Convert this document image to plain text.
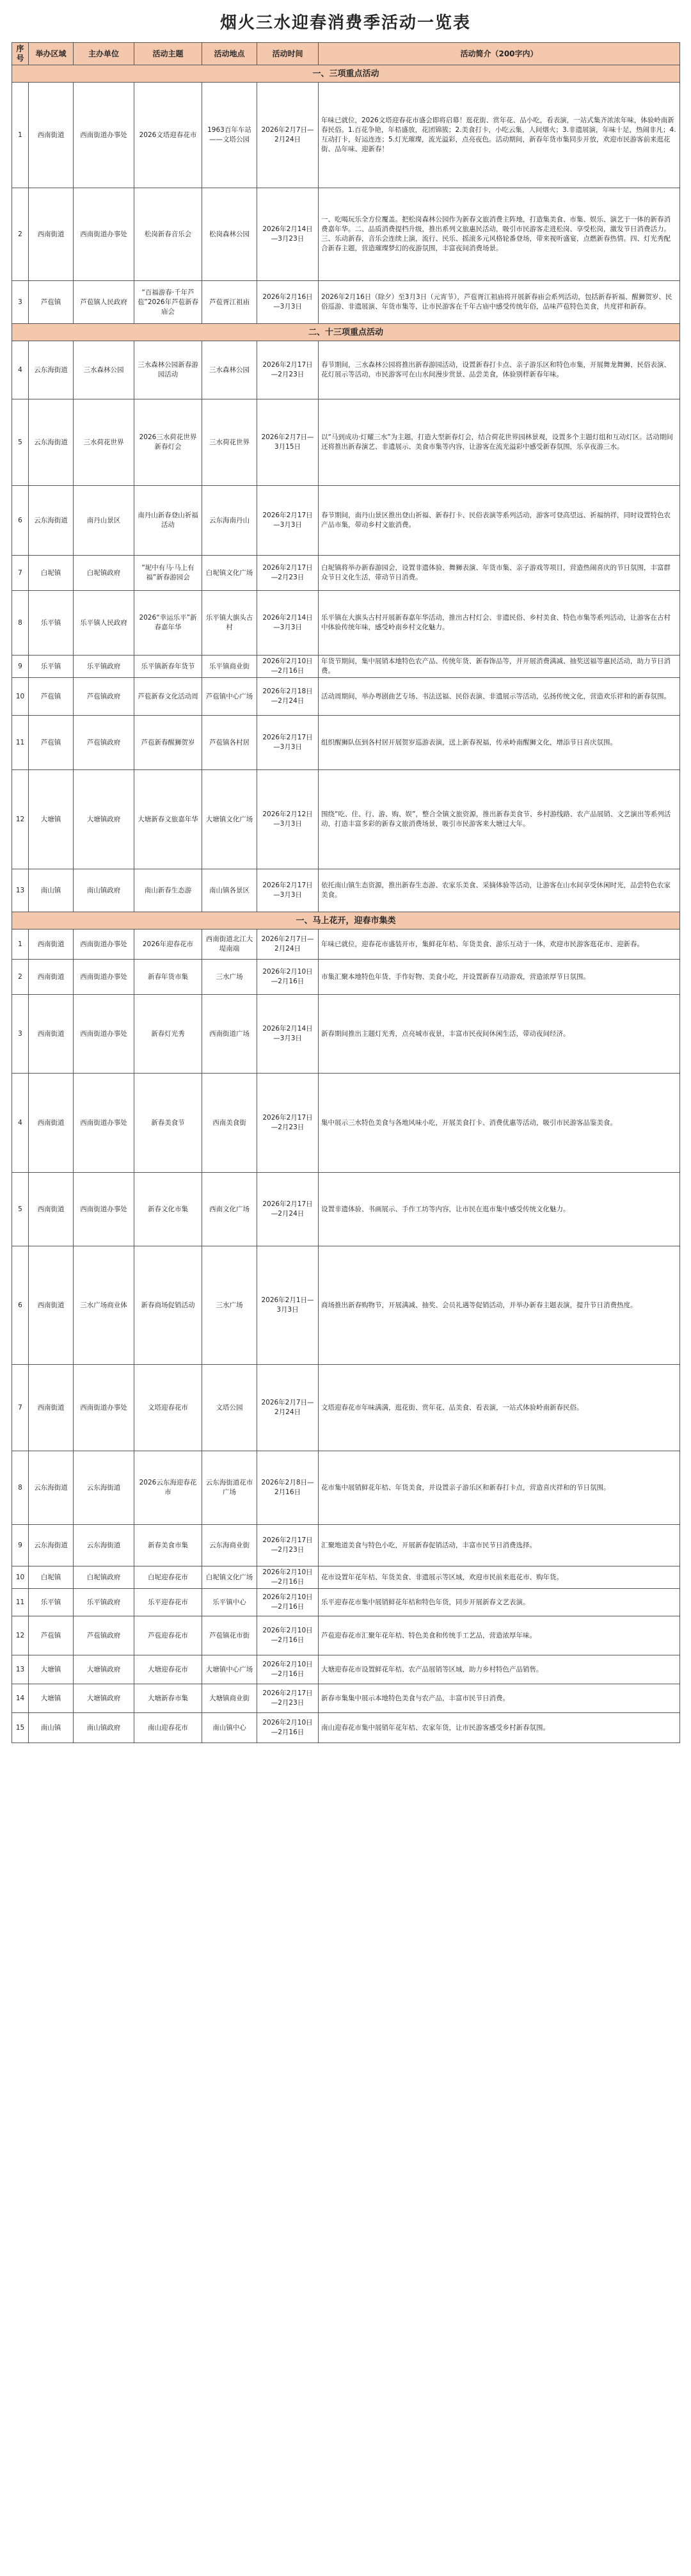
烟火三水迎春消费季活动一览表
序号	举办区域	主办单位	活动主题	活动地点	活动时间	活动简介（200字内）
一、三项重点活动						
1	西南街道	西南街道办事处	2026文塔迎春花市	1963百年车站——文塔公园	2026年2月7日—2月24日	年味已就位，2026文塔迎春花市盛会即将启幕！逛花街、赏年花、品小吃，看表演，一站式集齐浓浓年味，体验岭南新春民俗。1.百花争艳，年桔盛放，花团锦簇；2.美食打卡，小吃云集，人间烟火；3.非遗展演，年味十足，热闹非凡；4.互动打卡，好运连连；5.灯光璀璨，流光溢彩，点亮夜色。活动期间，新春年货市集同步开放，欢迎市民游客前来逛花街、品年味、迎新春！
2	西南街道	西南街道办事处	松岗新春音乐会	松岗森林公园	2026年2月14日—3月23日	一、吃喝玩乐全方位覆盖。把松岗森林公园作为新春文旅消费主阵地，打造集美食、市集、娱乐、演艺于一体的新春消费嘉年华。二、品质消费提档升级，推出系列文旅惠民活动，吸引市民游客走进松岗、享受松岗，激发节日消费活力。三、乐动新春，音乐会连续上演，流行、民乐、摇滚多元风格轮番登场，带来视听盛宴，点燃新春热情。四、灯光秀配合新春主题，营造璀璨梦幻的夜游氛围，丰富夜间消费场景。
3	芦苞镇	芦苞镇人民政府	“百福游春·千年芦苞”2026年芦苞新春庙会	芦苞胥江祖庙	2026年2月16日—3月3日	2026年2月16日（除夕）至3月3日（元宵节），芦苞胥江祖庙将开展新春庙会系列活动，包括新春祈福、醒狮贺岁、民俗巡游、非遗展演、年货市集等，让市民游客在千年古庙中感受传统年俗，品味芦苞特色美食，共度祥和新春。
二、十三项重点活动						
4	云东海街道	三水森林公园	三水森林公园新春游园活动	三水森林公园	2026年2月17日—2月23日	春节期间，三水森林公园将推出新春游园活动，设置新春打卡点、亲子游乐区和特色市集，开展舞龙舞狮、民俗表演、花灯展示等活动，市民游客可在山水间漫步赏景、品尝美食，体验别样新春年味。
5	云东海街道	三水荷花世界	2026三水荷花世界新春灯会	三水荷花世界	2026年2月7日—3月15日	以“马到成功·灯耀三水”为主题，打造大型新春灯会，结合荷花世界园林景观，设置多个主题灯组和互动灯区。活动期间还将推出新春演艺、非遗展示、美食市集等内容，让游客在流光溢彩中感受新春氛围，乐享夜游三水。
6	云东海街道	南丹山景区	南丹山新春登山祈福活动	云东海南丹山	2026年2月17日—3月3日	春节期间，南丹山景区推出登山祈福、新春打卡、民俗表演等系列活动，游客可登高望远、祈福纳祥，同时设置特色农产品市集，带动乡村文旅消费。
7	白坭镇	白坭镇政府	“坭中有马·马上有福”新春游园会	白坭镇文化广场	2026年2月17日—2月23日	白坭镇将举办新春游园会，设置非遗体验、舞狮表演、年货市集、亲子游戏等项目，营造热闹喜庆的节日氛围，丰富群众节日文化生活，带动节日消费。
8	乐平镇	乐平镇人民政府	2026“幸运乐平”新春嘉年华	乐平镇大旗头古村	2026年2月14日—3月3日	乐平镇在大旗头古村开展新春嘉年华活动，推出古村灯会、非遗民俗、乡村美食、特色市集等系列活动，让游客在古村中体验传统年味，感受岭南乡村文化魅力。
9	乐平镇	乐平镇政府	乐平镇新春年货节	乐平镇商业街	2026年2月10日—2月16日	年货节期间，集中展销本地特色农产品、传统年货、新春饰品等，并开展消费满减、抽奖送福等惠民活动，助力节日消费。
10	芦苞镇	芦苞镇政府	芦苞新春文化活动周	芦苞镇中心广场	2026年2月18日—2月24日	活动周期间，举办粤剧曲艺专场、书法送福、民俗表演、非遗展示等活动，弘扬传统文化，营造欢乐祥和的新春氛围。
11	芦苞镇	芦苞镇政府	芦苞新春醒狮贺岁	芦苞镇各村居	2026年2月17日—3月3日	组织醒狮队伍到各村居开展贺岁巡游表演，送上新春祝福，传承岭南醒狮文化，增添节日喜庆氛围。
12	大塘镇	大塘镇政府	大塘新春文旅嘉年华	大塘镇文化广场	2026年2月12日—3月3日	围绕“吃、住、行、游、购、娱”，整合全镇文旅资源，推出新春美食节、乡村游线路、农产品展销、文艺演出等系列活动，打造丰富多彩的新春文旅消费场景，吸引市民游客来大塘过大年。
13	南山镇	南山镇政府	南山新春生态游	南山镇各景区	2026年2月17日—3月3日	依托南山镇生态资源，推出新春生态游、农家乐美食、采摘体验等活动，让游客在山水间享受休闲时光，品尝特色农家美食。
一、马上花开，迎春市集类						
1	西南街道	西南街道办事处	2026年迎春花市	西南街道北江大堤南端	2026年2月7日—2月24日	年味已就位，迎春花市盛装开市，集鲜花年桔、年货美食、游乐互动于一体，欢迎市民游客逛花市、迎新春。
2	西南街道	西南街道办事处	新春年货市集	三水广场	2026年2月10日—2月16日	市集汇聚本地特色年货、手作好物、美食小吃，并设置新春互动游戏，营造浓厚节日氛围。
3	西南街道	西南街道办事处	新春灯光秀	西南街道广场	2026年2月14日—3月3日	新春期间推出主题灯光秀，点亮城市夜景，丰富市民夜间休闲生活，带动夜间经济。
4	西南街道	西南街道办事处	新春美食节	西南美食街	2026年2月17日—2月23日	集中展示三水特色美食与各地风味小吃，开展美食打卡、消费优惠等活动，吸引市民游客品鉴美食。
5	西南街道	西南街道办事处	新春文化市集	西南文化广场	2026年2月17日—2月24日	设置非遗体验、书画展示、手作工坊等内容，让市民在逛市集中感受传统文化魅力。
6	西南街道	三水广场商业体	新春商场促销活动	三水广场	2026年2月1日—3月3日	商场推出新春购物节，开展满减、抽奖、会员礼遇等促销活动，并举办新春主题表演，提升节日消费热度。
7	西南街道	西南街道办事处	文塔迎春花市	文塔公园	2026年2月7日—2月24日	文塔迎春花市年味满满，逛花街、赏年花、品美食、看表演，一站式体验岭南新春民俗。
8	云东海街道	云东海街道	2026云东海迎春花市	云东海街道花市广场	2026年2月8日—2月16日	花市集中展销鲜花年桔、年货美食，并设置亲子游乐区和新春打卡点，营造喜庆祥和的节日氛围。
9	云东海街道	云东海街道	新春美食市集	云东海商业街	2026年2月17日—2月23日	汇聚地道美食与特色小吃，开展新春促销活动，丰富市民节日消费选择。
10	白坭镇	白坭镇政府	白坭迎春花市	白坭镇文化广场	2026年2月10日—2月16日	花市设置年花年桔、年货美食、非遗展示等区域，欢迎市民前来逛花市、购年货。
11	乐平镇	乐平镇政府	乐平迎春花市	乐平镇中心	2026年2月10日—2月16日	乐平迎春花市集中展销鲜花年桔和特色年货，同步开展新春文艺表演。
12	芦苞镇	芦苞镇政府	芦苞迎春花市	芦苞镇花市街	2026年2月10日—2月16日	芦苞迎春花市汇聚年花年桔、特色美食和传统手工艺品，营造浓厚年味。
13	大塘镇	大塘镇政府	大塘迎春花市	大塘镇中心广场	2026年2月10日—2月16日	大塘迎春花市设置鲜花年桔、农产品展销等区域，助力乡村特色产品销售。
14	大塘镇	大塘镇政府	大塘新春市集	大塘镇商业街	2026年2月17日—2月23日	新春市集集中展示本地特色美食与农产品，丰富市民节日消费。
15	南山镇	南山镇政府	南山迎春花市	南山镇中心	2026年2月10日—2月16日	南山迎春花市集中展销年花年桔、农家年货，让市民游客感受乡村新春氛围。
